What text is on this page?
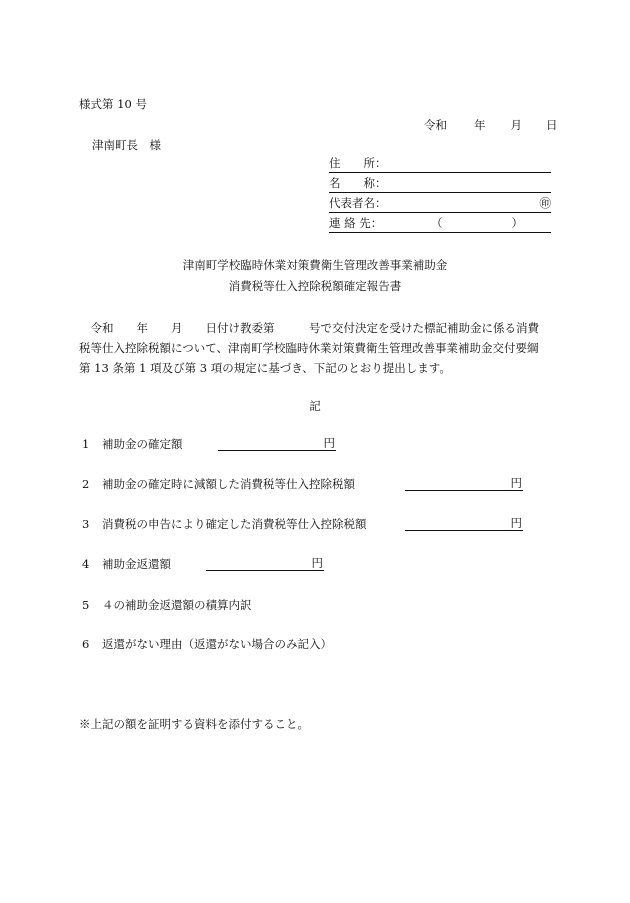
様式第 10 号
令和 年 月 日
津南町長　様
住　　所：
名　　称：
代表者名：	㊞
連 絡 先：	（　　　　　　）
津南町学校臨時休業対策費衛生管理改善事業補助金
消費税等仕入控除税額確定報告書

　令和　　年　　月　　日付け教委第　　　号で交付決定を受けた標記補助金に係る消費

税等仕入控除税額について、津南町学校臨時休業対策費衛生管理改善事業補助金交付要綱

第 13 条第 1 項及び第 3 項の規定に基づき、下記のとおり提出します。

記
1 補助金の確定額	円
2 補助金の確定時に減額した消費税等仕入控除税額	円
3 消費税の申告により確定した消費税等仕入控除税額	円
4 補助金返還額	円
5 ４の補助金返還額の積算内訳
6 返還がない理由（返還がない場合のみ記入）
※上記の額を証明する資料を添付すること。
